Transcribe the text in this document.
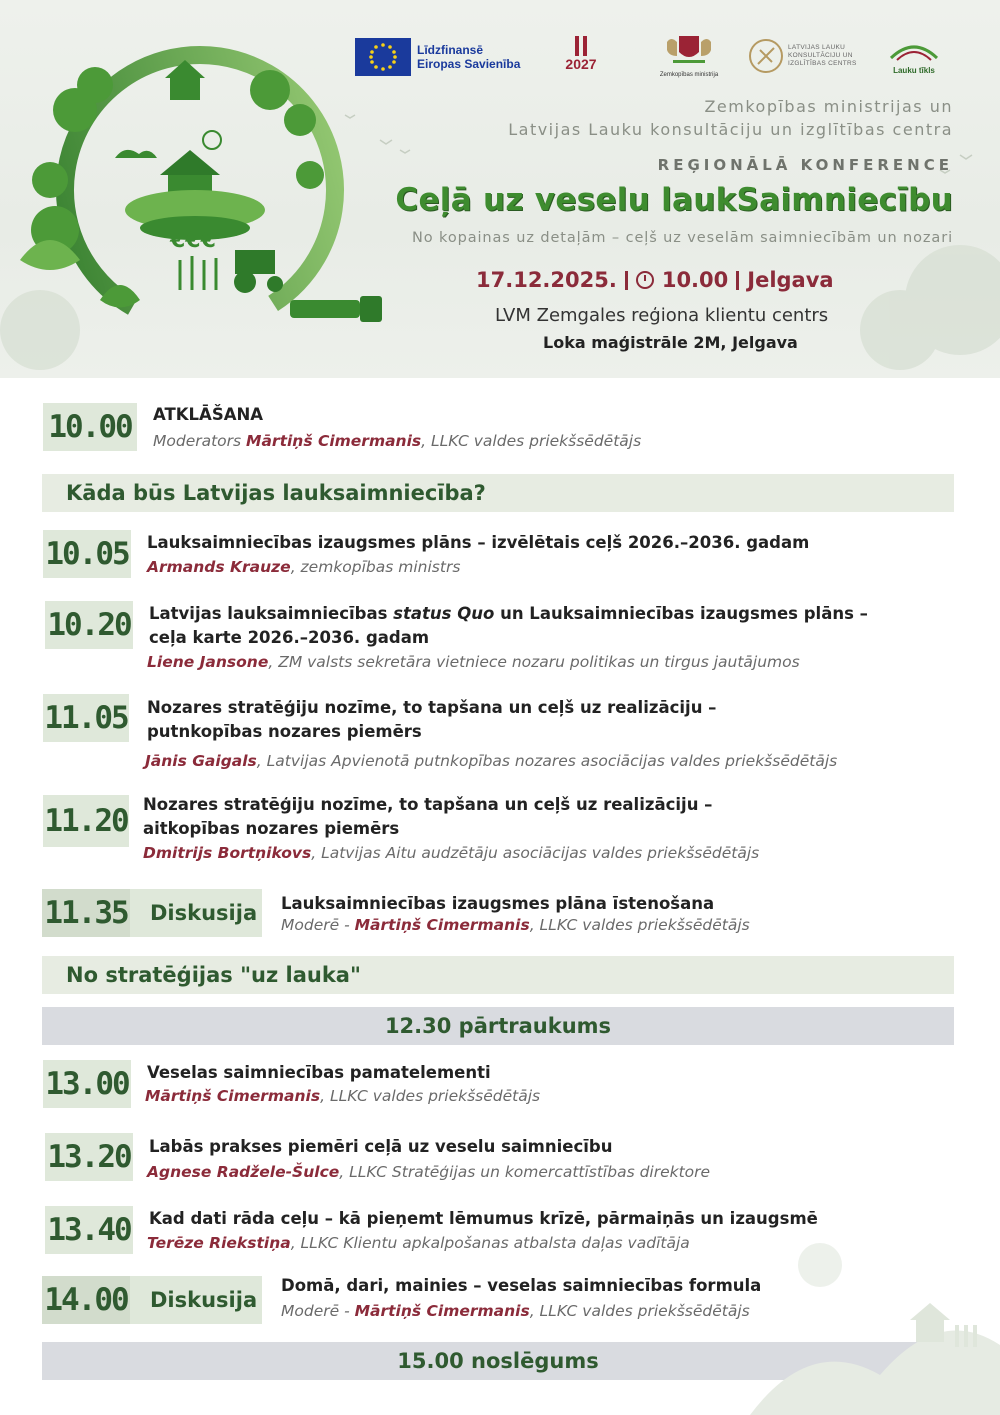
€€€
Līdzfinansē
Eiropas Savienība	2027
Zemkopības ministrija
LATVIJAS LAUKU KONSULTĀCIJU UN IZGLĪTĪBAS CENTRS
Lauku tīkls
Zemkopības ministrijas un
Latvijas Lauku konsultāciju un izglītības centra
REĢIONĀLĀ KONFERENCE
Ceļā uz veselu laukSaimniecību
No kopainas uz detaļām – ceļš uz veselām saimniecībām un nozari
17.12.2025. 10.00 Jelgava
LVM Zemgales reģiona klientu centrs
Loka maģistrāle 2M, Jelgava
10.00	ATKLĀŠANA
Moderators Mārtiņš Cimermanis, LLKC valdes priekšsēdētājs
Kāda būs Latvijas lauksaimniecība?
10.05 Lauksaimniecības izaugsmes plāns – izvēlētais ceļš 2026.–2036. gadam
Armands Krauze, zemkopības ministrs
10.20 Latvijas lauksaimniecības status Quo un Lauksaimniecības izaugsmes plāns –
ceļa karte 2026.–2036. gadam
Liene Jansone, ZM valsts sekretāra vietniece nozaru politikas un tirgus jautājumos
11.05 Nozares stratēģiju nozīme, to tapšana un ceļš uz realizāciju –
putnkopības nozares piemērs
Jānis Gaigals, Latvijas Apvienotā putnkopības nozares asociācijas valdes priekšsēdētājs
11.20 Nozares stratēģiju nozīme, to tapšana un ceļš uz realizāciju –
aitkopības nozares piemērs
Dmitrijs Bortņikovs, Latvijas Aitu audzētāju asociācijas valdes priekšsēdētājs
11.35	Diskusija Lauksaimniecības izaugsmes plāna īstenošana
Moderē - Mārtiņš Cimermanis, LLKC valdes priekšsēdētājs
No stratēģijas "uz lauka"
12.30 pārtraukums
13.00 Veselas saimniecības pamatelementi
Mārtiņš Cimermanis, LLKC valdes priekšsēdētājs
13.20 Labās prakses piemēri ceļā uz veselu saimniecību
Agnese Radžele-Šulce, LLKC Stratēģijas un komercattīstības direktore
13.40 Kad dati rāda ceļu – kā pieņemt lēmumus krīzē, pārmaiņās un izaugsmē
Terēze Riekstiņa, LLKC Klientu apkalpošanas atbalsta daļas vadītāja
14.00	Diskusija
Domā, dari, mainies – veselas saimniecības formula
Moderē - Mārtiņš Cimermanis, LLKC valdes priekšsēdētājs
15.00 noslēgums
